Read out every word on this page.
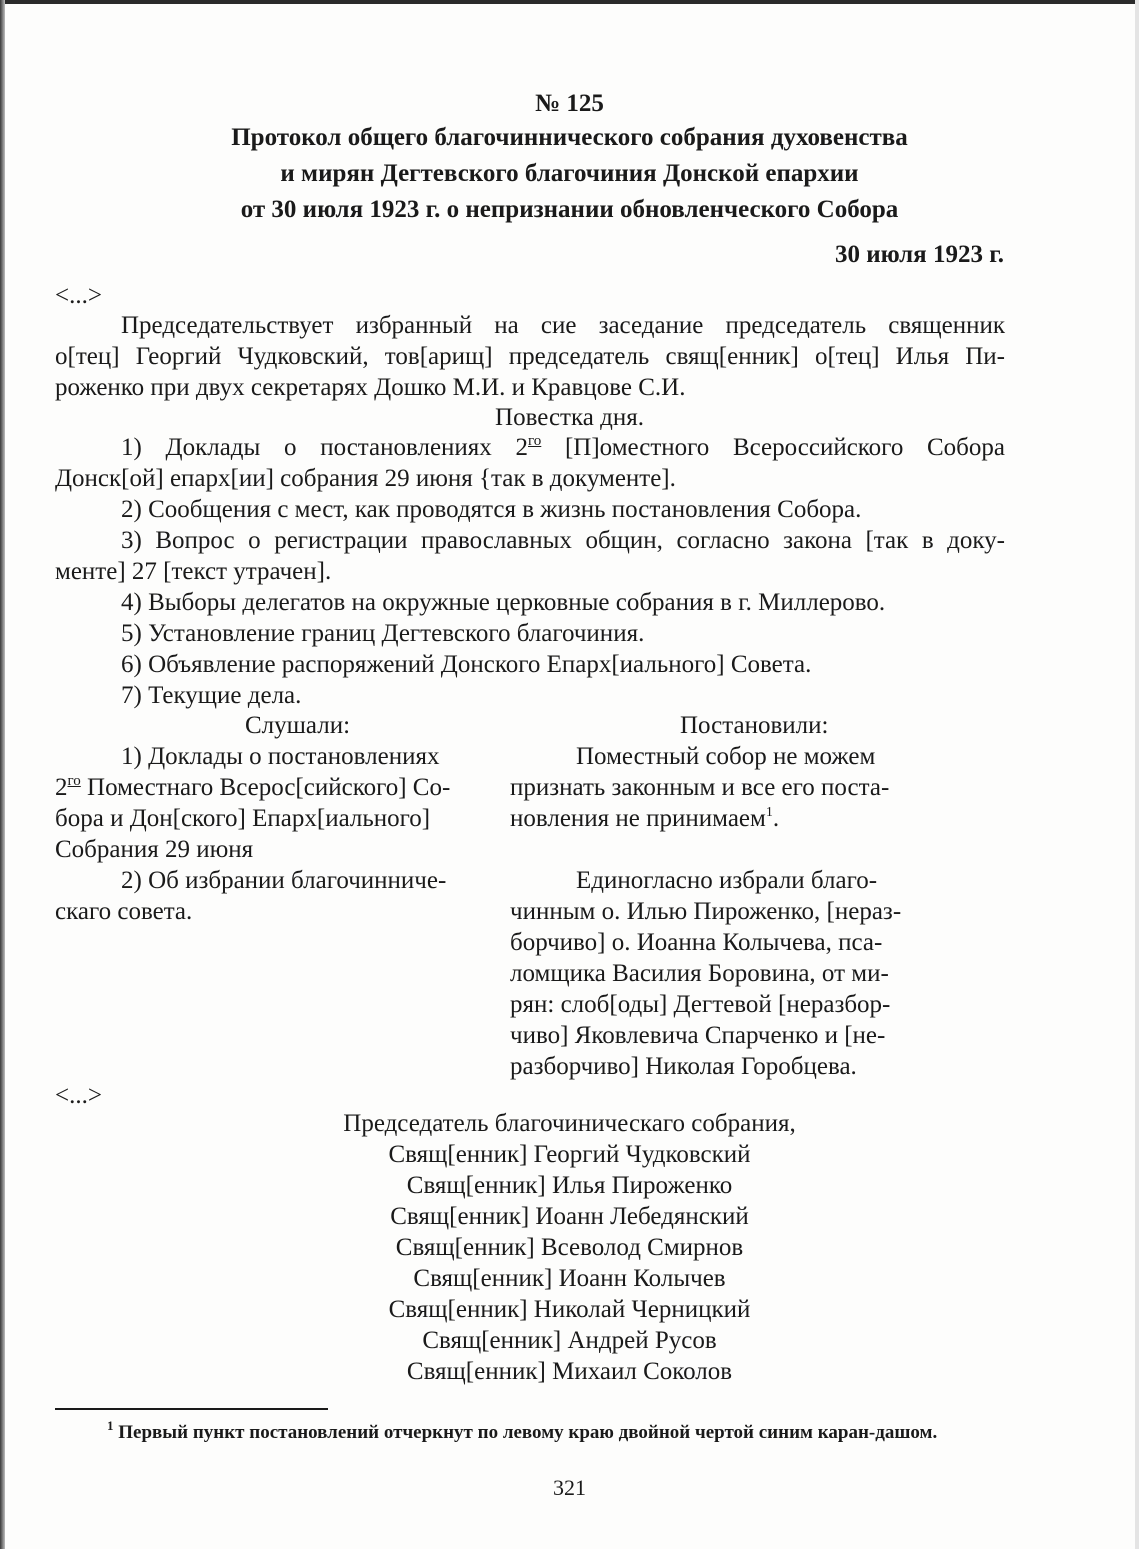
№ 125
Протокол общего благочиннического собрания духовенства
и мирян Дегтевского благочиния Донской епархии
от 30 июля 1923 г. о непризнании обновленческого Собора
30 июля 1923 г.
<...>
Председательствует избранный на сие заседание председатель священник
о[тец] Георгий Чудковский, тов[арищ] председатель свящ[енник] о[тец] Илья Пи-
роженко при двух секретарях Дошко М.И. и Кравцове С.И.
Повестка дня.
1) Доклады о постановлениях $2^{го}$ [П]оместного Всероссийского Собора
Донск[ой] епарх[ии] собрания 29 июня {так в документе].
2) Сообщения с мест, как проводятся в жизнь постановления Собора.
3) Вопрос о регистрации православных общин, согласно закона [так в доку-
менте] 27 [текст утрачен].
4) Выборы делегатов на окружные церковные собрания в г. Миллерово.
5) Установление границ Дегтевского благочиния.
6) Объявление распоряжений Донского Епарх[иального] Совета.
7) Текущие дела.
Слушали:	Постановили:
1) Доклады о постановлениях
$2^{го}$ Поместнаго Всерос[сийского] Со-
бора и Дон[ского] Епарх[иального]
Собрания 29 июня
2) Об избрании благочинниче-
скаго совета.
Поместный собор не можем
признать законным и все его поста-
новления не принимаем$^1$.
Единогласно избрали благо-
чинным о. Илью Пироженко, [нераз-
борчиво] о. Иоанна Колычева, пса-
ломщика Василия Боровина, от ми-
рян: слоб[оды] Дегтевой [неразбор-
чиво] Яковлевича Спарченко и [не-
разборчиво] Николая Горобцева.
<...>
Председатель благочиническаго собрания,
Свящ[енник] Георгий Чудковский
Свящ[енник] Илья Пироженко
Свящ[енник] Иоанн Лебедянский
Свящ[енник] Всеволод Смирнов
Свящ[енник] Иоанн Колычев
Свящ[енник] Николай Черницкий
Свящ[енник] Андрей Русов
Свящ[енник] Михаил Соколов
$^1$ Первый пункт постановлений отчеркнут по левому краю двойной чертой синим каран-дашом.
321
